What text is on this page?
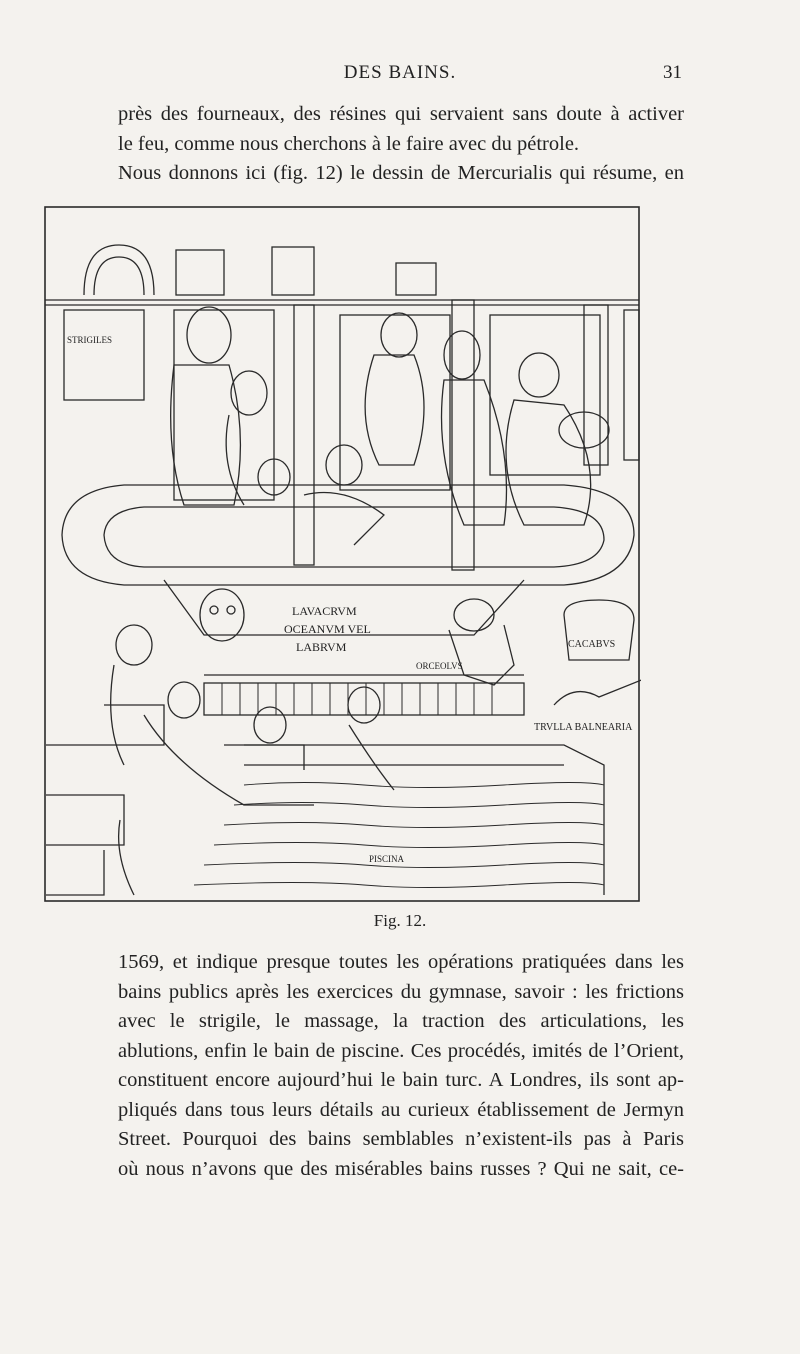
DES BAINS.	31

près des fourneaux, des résines qui servaient sans doute à activer
le feu, comme nous cherchons à le faire avec du pétrole.
Nous donnons ici (fig. 12) le dessin de Mercurialis qui résume, en

STRIGILES
LAVACRVM
OCEANVM VEL
LABRVM
ORCEOLVS
CACABVS
TRVLLA BALNEARIA
PISCINA
Fig. 12.

1569, et indique presque toutes les opérations pratiquées dans les
bains publics après les exercices du gymnase, savoir : les frictions
avec le strigile, le massage, la traction des articulations, les
ablutions, enfin le bain de piscine. Ces procédés, imités de l’Orient,
constituent encore aujourd’hui le bain turc. A Londres, ils sont ap-
pliqués dans tous leurs détails au curieux établissement de Jermyn
Street. Pourquoi des bains semblables n’existent-ils pas à Paris
où nous n’avons que des misérables bains russes ? Qui ne sait, ce-
